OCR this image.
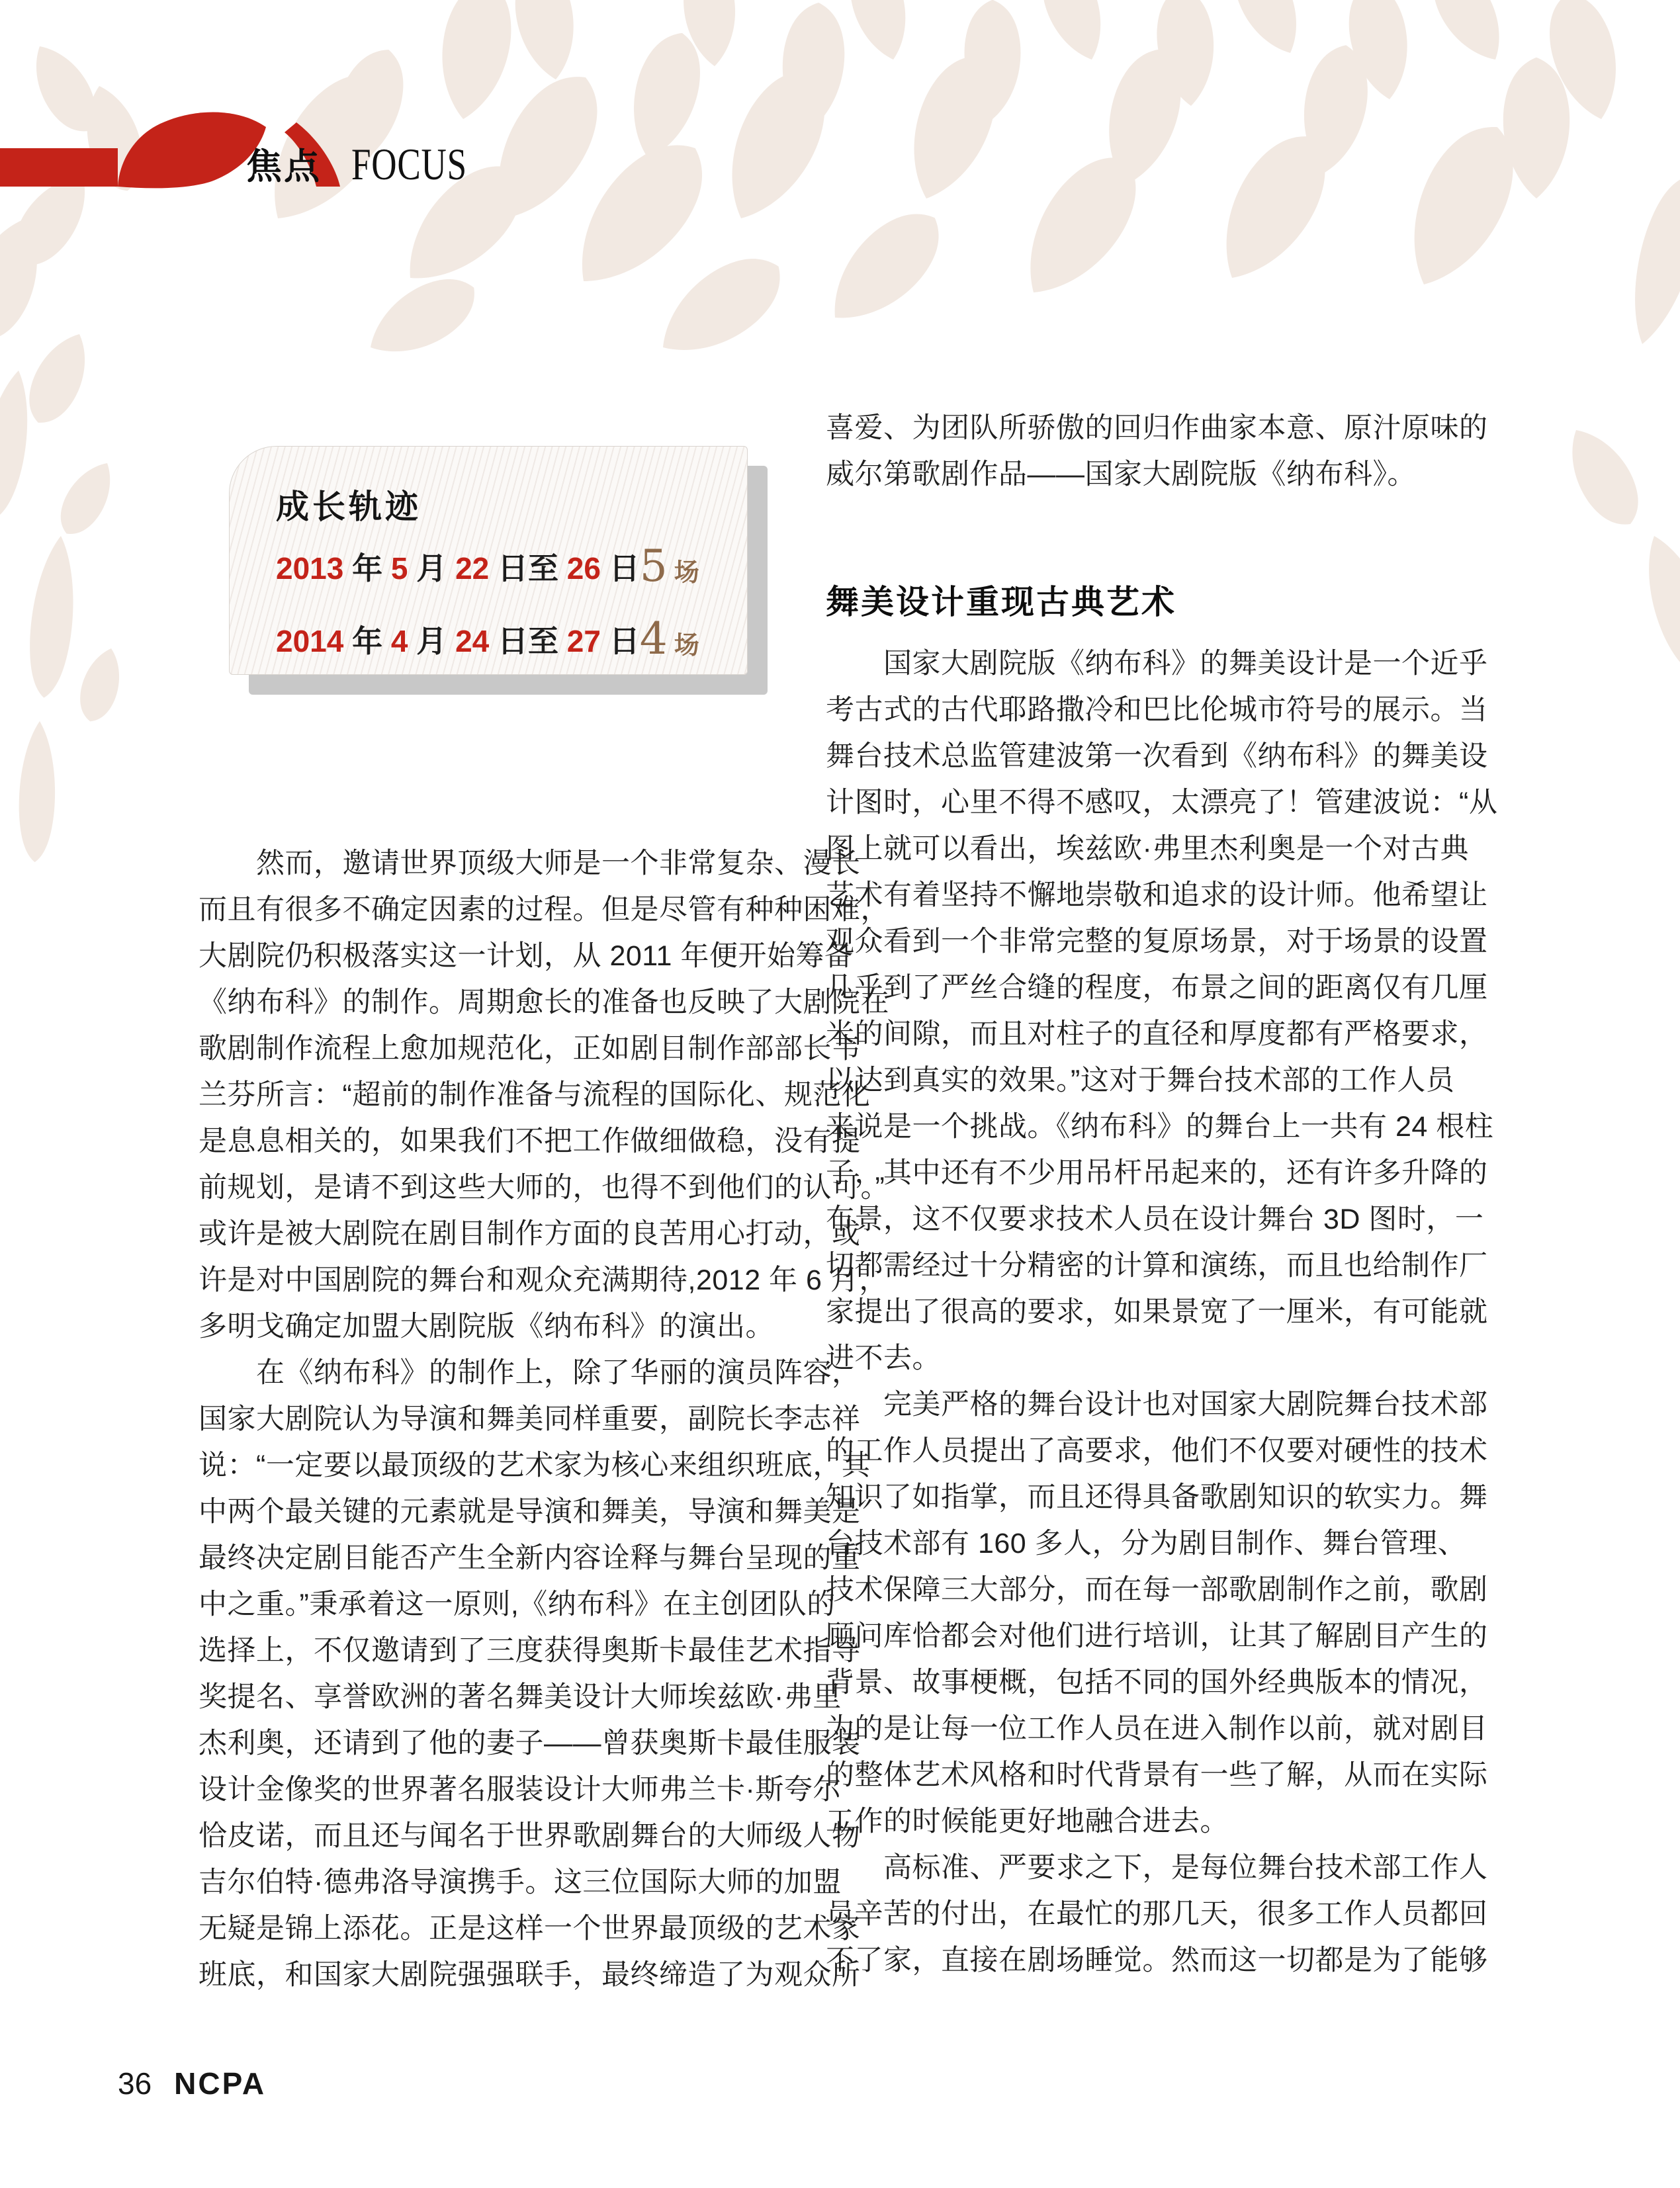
焦点 FOCUS
成长轨迹
2013 年 5 月 22 日至 26 日 5 场
2014 年 4 月 24 日至 27 日 4 场
　　然而，邀请世界顶级大师是一个非常复杂、漫长
而且有很多不确定因素的过程。但是尽管有种种困难，
大剧院仍积极落实这一计划，从 2011 年便开始筹备
《纳布科》的制作。周期愈长的准备也反映了大剧院在
歌剧制作流程上愈加规范化，正如剧目制作部部长韦
兰芬所言：“超前的制作准备与流程的国际化、规范化
是息息相关的，如果我们不把工作做细做稳，没有提
前规划，是请不到这些大师的，也得不到他们的认可。”
或许是被大剧院在剧目制作方面的良苦用心打动，或
许是对中国剧院的舞台和观众充满期待,2012 年 6 月，
多明戈确定加盟大剧院版《纳布科》的演出。
　　在《纳布科》的制作上，除了华丽的演员阵容，
国家大剧院认为导演和舞美同样重要，副院长李志祥
说：“一定要以最顶级的艺术家为核心来组织班底，其
中两个最关键的元素就是导演和舞美，导演和舞美是
最终决定剧目能否产生全新内容诠释与舞台呈现的重
中之重。”秉承着这一原则,《纳布科》在主创团队的
选择上，不仅邀请到了三度获得奥斯卡最佳艺术指导
奖提名、享誉欧洲的著名舞美设计大师埃兹欧·弗里
杰利奥，还请到了他的妻子——曾获奥斯卡最佳服装
设计金像奖的世界著名服装设计大师弗兰卡·斯夸尔
恰皮诺，而且还与闻名于世界歌剧舞台的大师级人物
吉尔伯特·德弗洛导演携手。这三位国际大师的加盟
无疑是锦上添花。正是这样一个世界最顶级的艺术家
班底，和国家大剧院强强联手，最终缔造了为观众所
喜爱、为团队所骄傲的回归作曲家本意、原汁原味的
威尔第歌剧作品——国家大剧院版《纳布科》。
舞美设计重现古典艺术
　　国家大剧院版《纳布科》的舞美设计是一个近乎
考古式的古代耶路撒冷和巴比伦城市符号的展示。当
舞台技术总监管建波第一次看到《纳布科》的舞美设
计图时，心里不得不感叹，太漂亮了！管建波说：“从
图上就可以看出，埃兹欧·弗里杰利奥是一个对古典
艺术有着坚持不懈地崇敬和追求的设计师。他希望让
观众看到一个非常完整的复原场景，对于场景的设置
几乎到了严丝合缝的程度，布景之间的距离仅有几厘
米的间隙，而且对柱子的直径和厚度都有严格要求，
以达到真实的效果。”这对于舞台技术部的工作人员
来说是一个挑战。《纳布科》的舞台上一共有 24 根柱
子，其中还有不少用吊杆吊起来的，还有许多升降的
布景，这不仅要求技术人员在设计舞台 3D 图时，一
切都需经过十分精密的计算和演练，而且也给制作厂
家提出了很高的要求，如果景宽了一厘米，有可能就
进不去。
　　完美严格的舞台设计也对国家大剧院舞台技术部
的工作人员提出了高要求，他们不仅要对硬性的技术
知识了如指掌，而且还得具备歌剧知识的软实力。舞
台技术部有 160 多人，分为剧目制作、舞台管理、
技术保障三大部分，而在每一部歌剧制作之前，歌剧
顾问库恰都会对他们进行培训，让其了解剧目产生的
背景、故事梗概，包括不同的国外经典版本的情况，
为的是让每一位工作人员在进入制作以前，就对剧目
的整体艺术风格和时代背景有一些了解，从而在实际
工作的时候能更好地融合进去。
　　高标准、严要求之下，是每位舞台技术部工作人
员辛苦的付出，在最忙的那几天，很多工作人员都回
不了家，直接在剧场睡觉。然而这一切都是为了能够
36 NCPA
